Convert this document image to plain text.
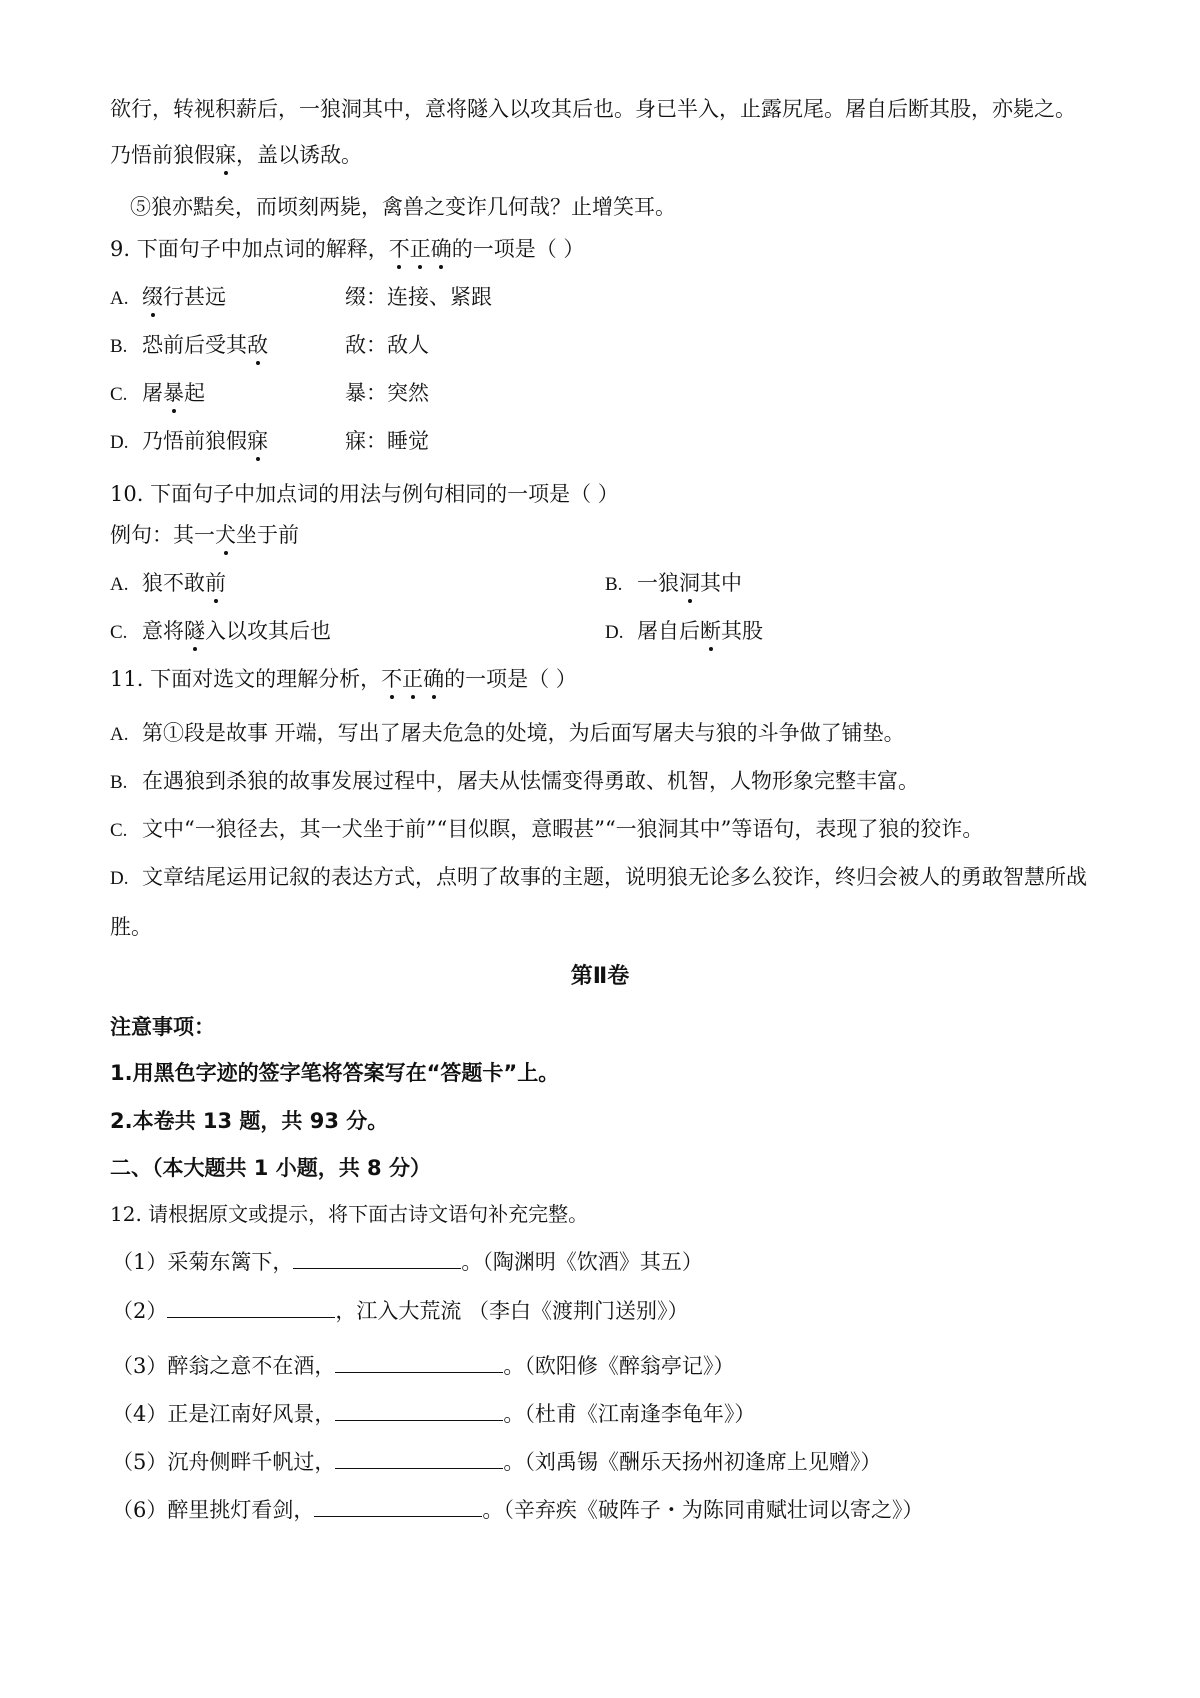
欲行，转视积薪后，一狼洞其中，意将隧入以攻其后也。身已半入，止露尻尾。屠自后断其股，亦毙之。
乃悟前狼假寐，盖以诱敌。
⑤狼亦黠矣，而顷刻两毙，禽兽之变诈几何哉？止增笑耳。
9. 下面句子中加点词的解释，不正确的一项是（ ）
A. 缀行甚远	缀：连接、紧跟
B. 恐前后受其敌	敌：敌人
C. 屠暴起	暴：突然
D. 乃悟前狼假寐	寐：睡觉
10. 下面句子中加点词的用法与例句相同的一项是（ ）
例句：其一犬坐于前
A. 狼不敢前	B. 一狼洞其中
C. 意将隧入以攻其后也	D. 屠自后断其股
11. 下面对选文的理解分析，不正确的一项是（ ）
A. 第①段是故事 开端，写出了屠夫危急的处境，为后面写屠夫与狼的斗争做了铺垫。
B. 在遇狼到杀狼的故事发展过程中，屠夫从怯懦变得勇敢、机智，人物形象完整丰富。
C. 文中“一狼径去，其一犬坐于前”“目似瞑，意暇甚”“一狼洞其中”等语句，表现了狼的狡诈。
D. 文章结尾运用记叙的表达方式，点明了故事的主题，说明狼无论多么狡诈，终归会被人的勇敢智慧所战
胜。
第Ⅱ卷
注意事项：
1.用黑色字迹的签字笔将答案写在“答题卡”上。
2.本卷共 13 题，共 93 分。
二、（本大题共 1 小题，共 8 分）
12. 请根据原文或提示，将下面古诗文语句补充完整。
（1）采菊东篱下，	。（陶渊明《饮酒》其五）
（2）	，江入大荒流 （李白《渡荆门送别》）
（3）醉翁之意不在酒，	。（欧阳修《醉翁亭记》）
（4）正是江南好风景，	。（杜甫《江南逢李龟年》）
（5）沉舟侧畔千帆过，	。（刘禹锡《酬乐天扬州初逢席上见赠》）
（6）醉里挑灯看剑，	。（辛弃疾《破阵子・为陈同甫赋壮词以寄之》）
